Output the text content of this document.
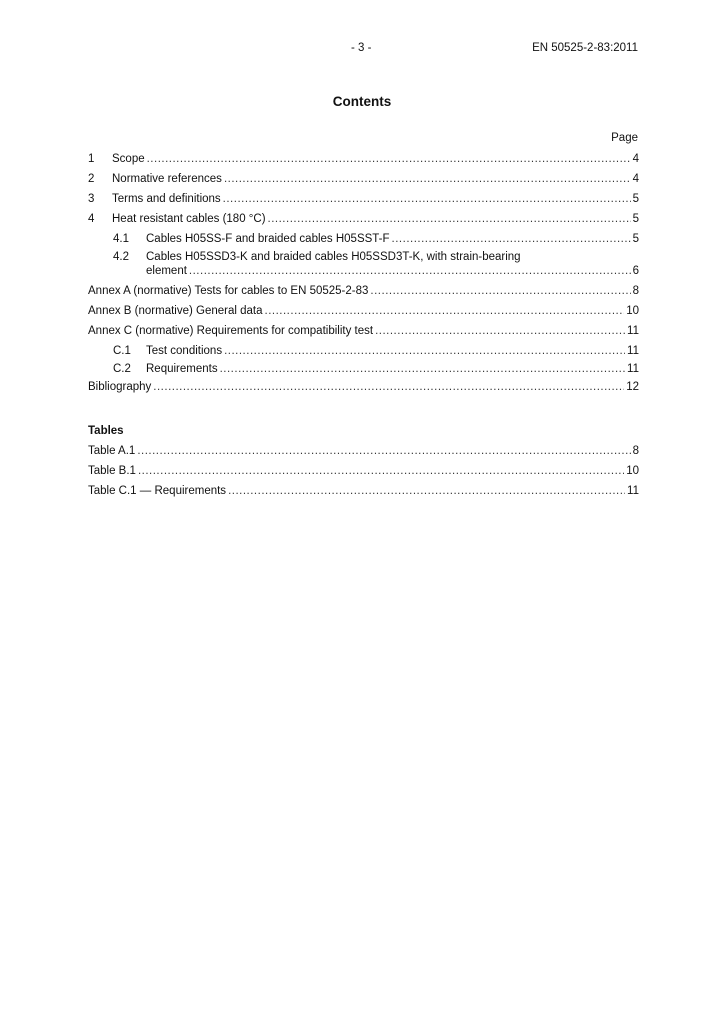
- 3 -	EN 50525-2-83:2011
Contents
Page
1	Scope .....	4
2	Normative references .....	4
3	Terms and definitions .....	5
4	Heat resistant cables (180 °C) .....	5
4.1	Cables H05SS-F and braided cables H05SST-F .....	5
4.2	Cables H05SSD3-K and braided cables H05SSD3T-K, with strain-bearing
element .....	6
Annex A (normative) Tests for cables to EN 50525-2-83 .....	8
Annex B (normative) General data .....	10
Annex C (normative) Requirements for compatibility test .....	11
C.1	Test conditions .....	11
C.2	Requirements .....	11
Bibliography .....	12
Tables
Table A.1 .....	8
Table B.1 .....	10
Table C.1 — Requirements .....	11
